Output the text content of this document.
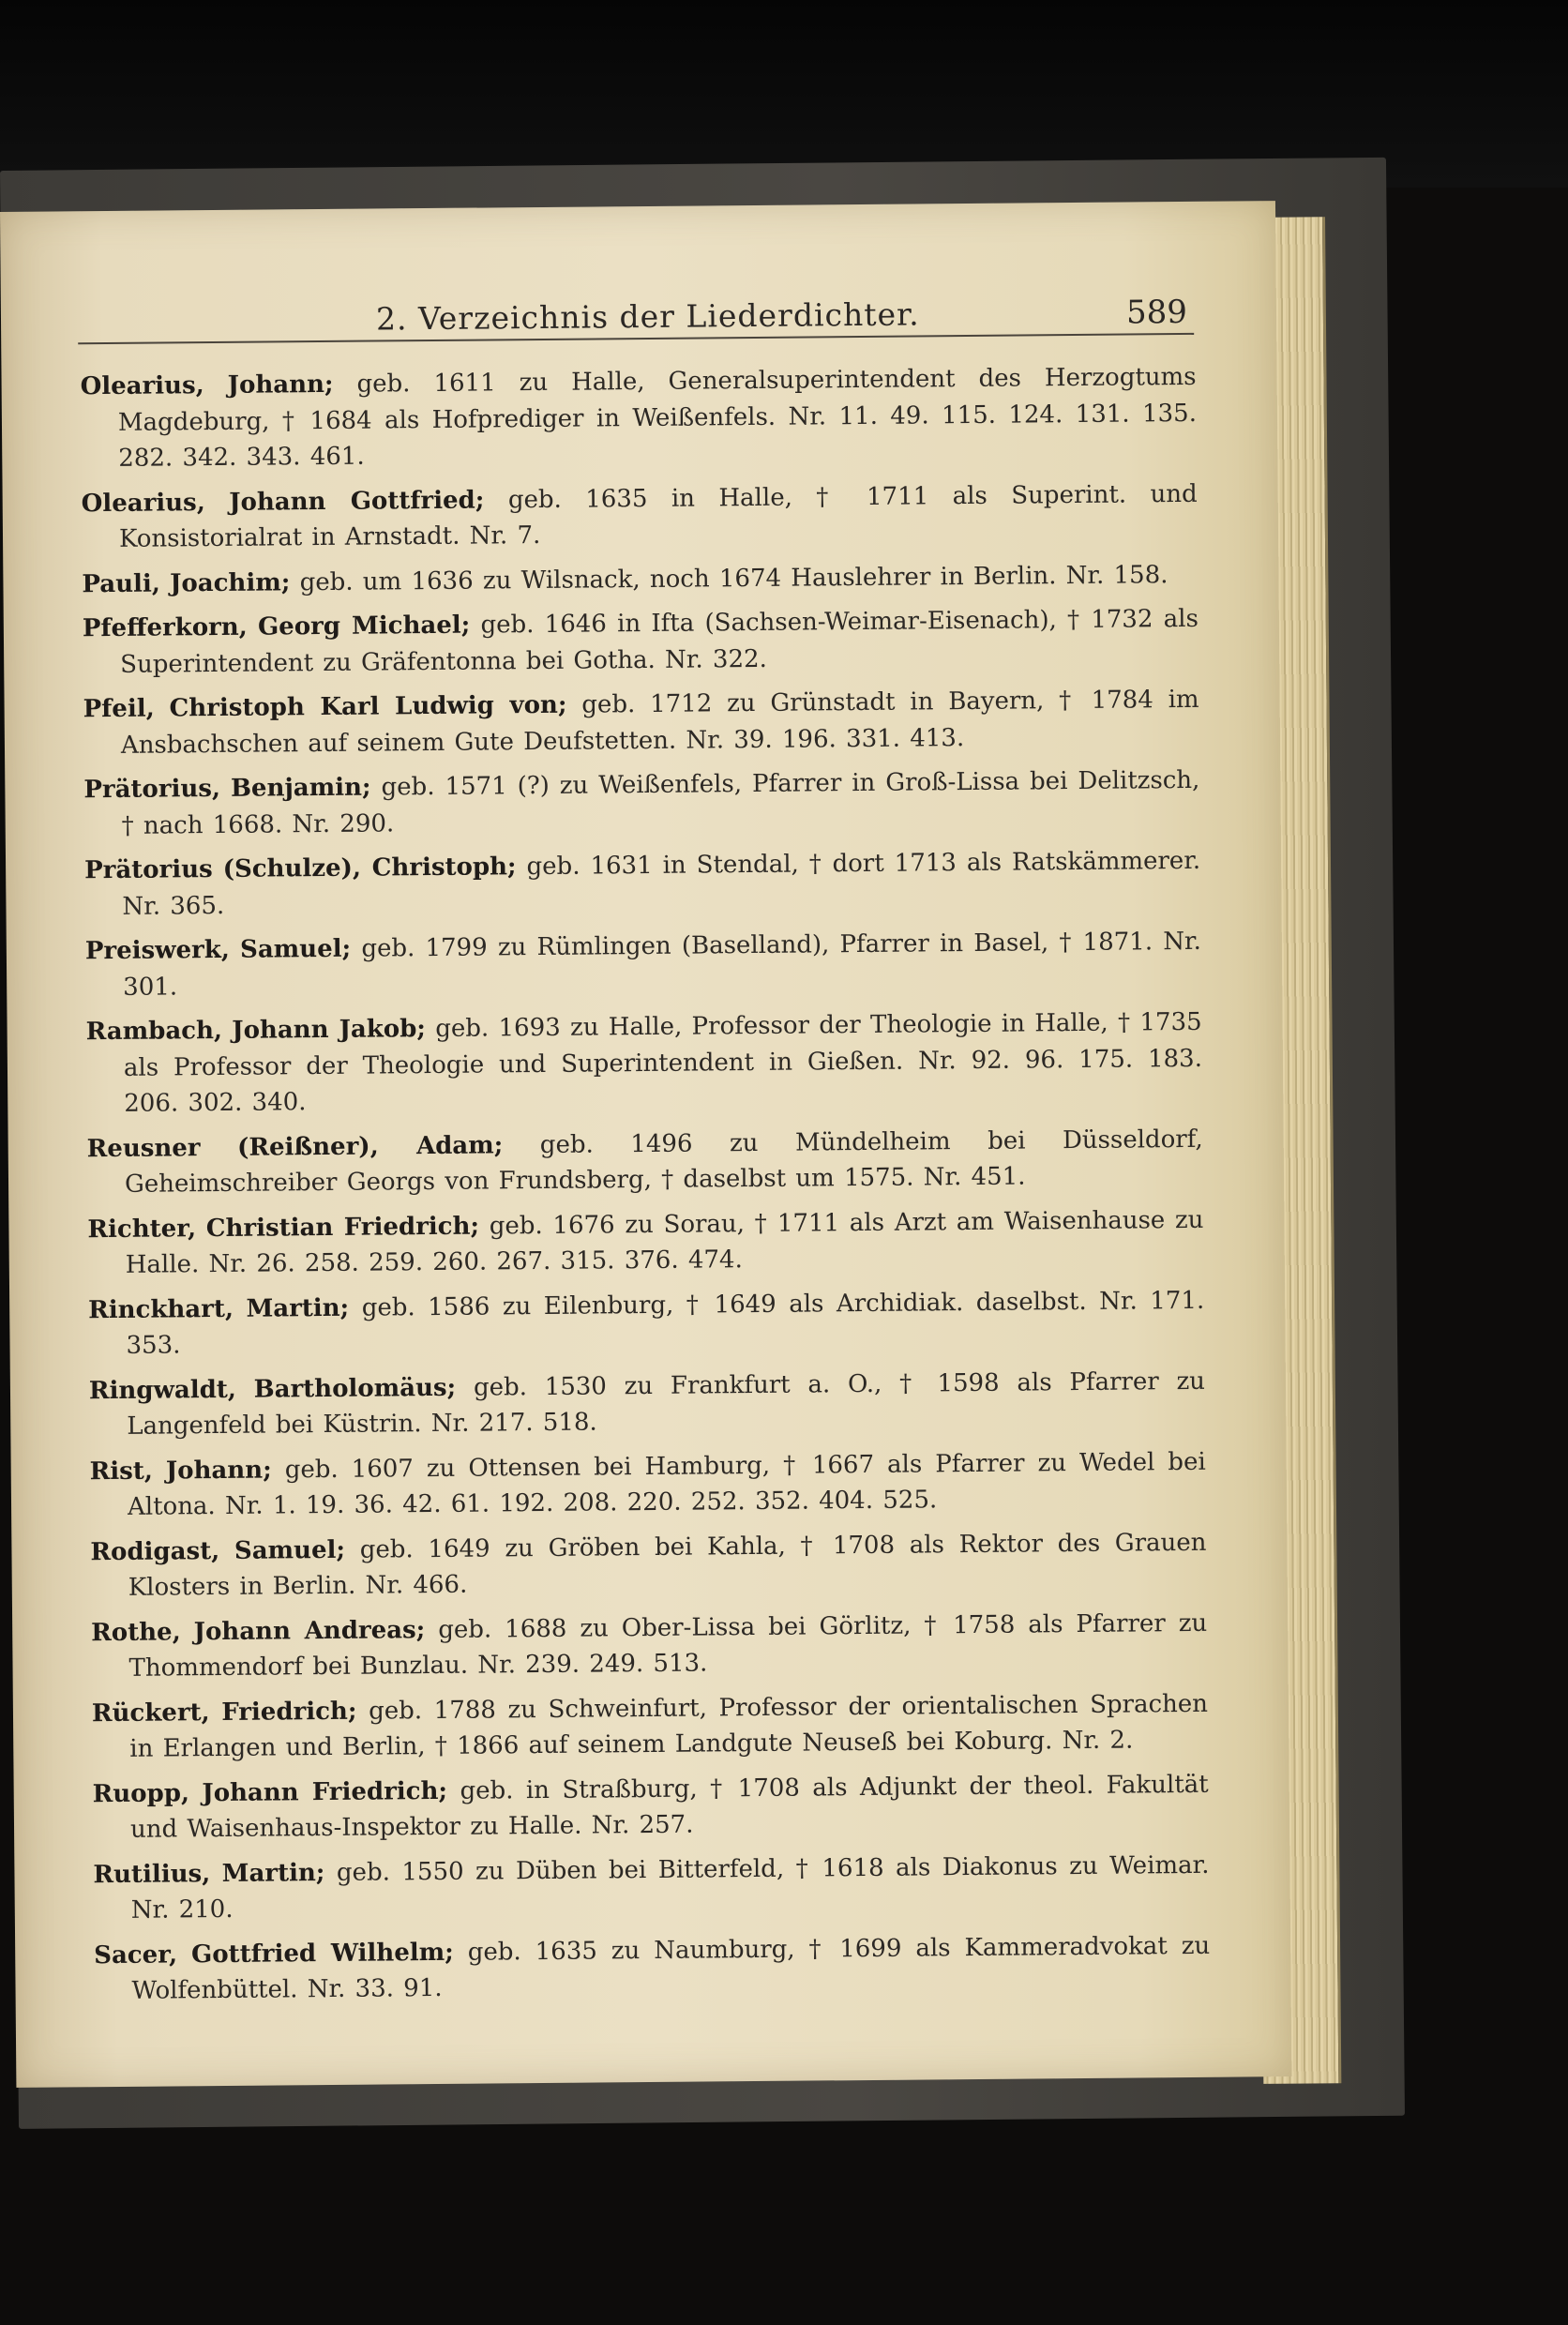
2. Verzeichnis der Liederdichter.	589
Olearius, Johann; geb. 1611 zu Halle, Generalsuperintendent des Herzogtums Magdeburg, † 1684 als Hofprediger in Weißenfels. Nr. 11. 49. 115. 124. 131. 135. 282. 342. 343. 461.
Olearius, Johann Gottfried; geb. 1635 in Halle, † 1711 als Superint. und Konsistorialrat in Arnstadt. Nr. 7.
Pauli, Joachim; geb. um 1636 zu Wilsnack, noch 1674 Hauslehrer in Berlin. Nr. 158.
Pfefferkorn, Georg Michael; geb. 1646 in Ifta (Sachsen-Weimar-Eisenach), † 1732 als Superintendent zu Gräfentonna bei Gotha. Nr. 322.
Pfeil, Christoph Karl Ludwig von; geb. 1712 zu Grünstadt in Bayern, † 1784 im Ansbachschen auf seinem Gute Deufstetten. Nr. 39. 196. 331. 413.
Prätorius, Benjamin; geb. 1571 (?) zu Weißenfels, Pfarrer in Groß-Lissa bei Delitzsch, † nach 1668. Nr. 290.
Prätorius (Schulze), Christoph; geb. 1631 in Stendal, † dort 1713 als Ratskämmerer. Nr. 365.
Preiswerk, Samuel; geb. 1799 zu Rümlingen (Baselland), Pfarrer in Basel, † 1871. Nr. 301.
Rambach, Johann Jakob; geb. 1693 zu Halle, Professor der Theologie in Halle, † 1735 als Professor der Theologie und Superintendent in Gießen. Nr. 92. 96. 175. 183. 206. 302. 340.
Reusner (Reißner), Adam; geb. 1496 zu Mündelheim bei Düsseldorf, Geheimschreiber Georgs von Frundsberg, † daselbst um 1575. Nr. 451.
Richter, Christian Friedrich; geb. 1676 zu Sorau, † 1711 als Arzt am Waisenhause zu Halle. Nr. 26. 258. 259. 260. 267. 315. 376. 474.
Rinckhart, Martin; geb. 1586 zu Eilenburg, † 1649 als Archidiak. daselbst. Nr. 171. 353.
Ringwaldt, Bartholomäus; geb. 1530 zu Frankfurt a. O., † 1598 als Pfarrer zu Langenfeld bei Küstrin. Nr. 217. 518.
Rist, Johann; geb. 1607 zu Ottensen bei Hamburg, † 1667 als Pfarrer zu Wedel bei Altona. Nr. 1. 19. 36. 42. 61. 192. 208. 220. 252. 352. 404. 525.
Rodigast, Samuel; geb. 1649 zu Gröben bei Kahla, † 1708 als Rektor des Grauen Klosters in Berlin. Nr. 466.
Rothe, Johann Andreas; geb. 1688 zu Ober-Lissa bei Görlitz, † 1758 als Pfarrer zu Thommendorf bei Bunzlau. Nr. 239. 249. 513.
Rückert, Friedrich; geb. 1788 zu Schweinfurt, Professor der orientalischen Sprachen in Erlangen und Berlin, † 1866 auf seinem Landgute Neuseß bei Koburg. Nr. 2.
Ruopp, Johann Friedrich; geb. in Straßburg, † 1708 als Adjunkt der theol. Fakultät und Waisenhaus-Inspektor zu Halle. Nr. 257.
Rutilius, Martin; geb. 1550 zu Düben bei Bitterfeld, † 1618 als Diakonus zu Weimar. Nr. 210.
Sacer, Gottfried Wilhelm; geb. 1635 zu Naumburg, † 1699 als Kammeradvokat zu Wolfenbüttel. Nr. 33. 91.
